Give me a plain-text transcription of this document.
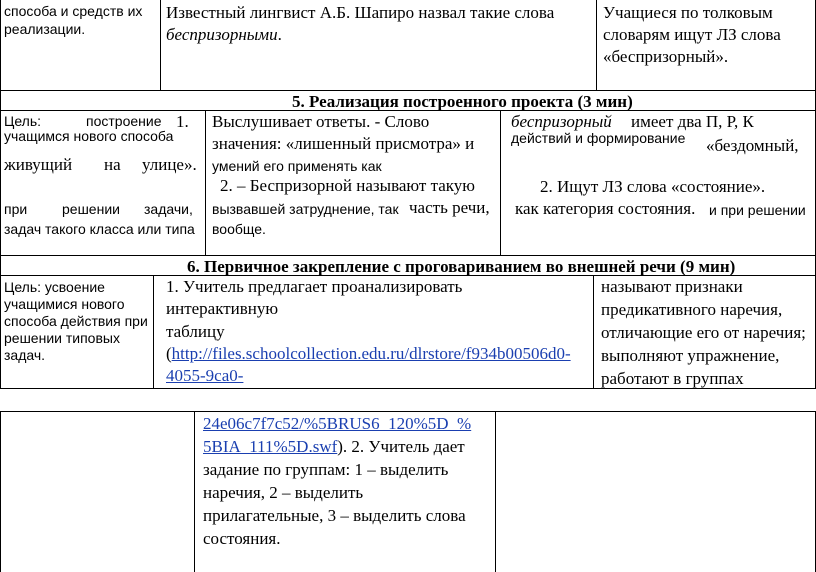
способа и средств их
реализации.
Известный лингвист А.Б. Шапиро назвал такие слова
беспризорными.
Учащиеся по толковым
словарям ищут ЛЗ слова
«беспризорный».
5. Реализация построенного проекта (3 мин)
Цель:	построение 1.
учащимся нового способа
живущий на улице».
при решении задачи,
задач такого класса или типа
Выслушивает ответы. - Слово
значения: «лишенный присмотра» и
умений его применять как
2. – Беспризорной называют такую
вызвавшей затруднение, так часть речи,
вообще.
беспризорный имеет два П, Р, К
действий и формирование «бездомный,
2. Ищут ЛЗ слова «состояние».
как категория состояния. и при решении
6. Первичное закрепление с проговариванием во внешней речи (9 мин)
Цель: усвоение
учащимися нового
способа действия при
решении типовых
задач.
1. Учитель предлагает проанализировать
интерактивную
таблицу
(http://files.schoolcollection.edu.ru/dlrstore/f934b00506d0-
4055-9ca0-
называют признаки
предикативного наречия,
отличающие его от наречия;
выполняют упражнение,
работают в группах
24e06c7f7c52/%5BRUS6_120%5D_%
5BIA_111%5D.swf). 2. Учитель дает
задание по группам: 1 – выделить
наречия, 2 – выделить
прилагательные, 3 – выделить слова
состояния.
